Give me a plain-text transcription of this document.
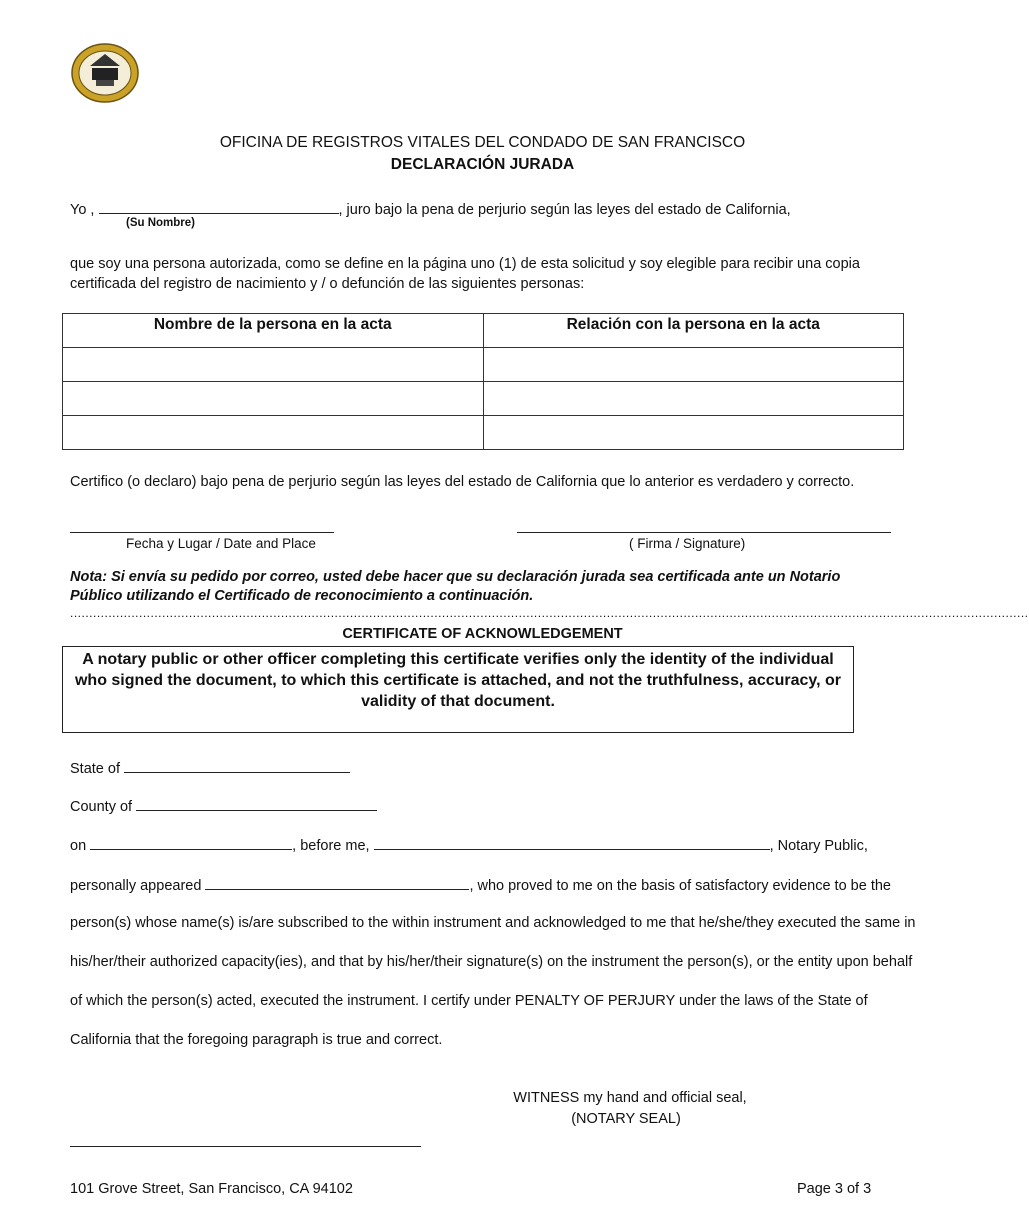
OFICINA DE REGISTROS VITALES DEL CONDADO DE SAN FRANCISCO
DECLARACIÓN JURADA
Yo ,	, juro bajo la pena de perjurio según las leyes del estado de California,
(Su Nombre)
que soy una persona autorizada, como se define en la página uno (1) de esta solicitud y soy elegible para recibir una copia certificada del registro de nacimiento y / o defunción de las siguientes personas:
Nombre de la persona en la acta	Relación con la persona en la acta

Certifico (o declaro) bajo pena de perjurio según las leyes del estado de California que lo anterior es verdadero y correcto.
Fecha y Lugar / Date and Place	( Firma / Signature)
Nota: Si envía su pedido por correo, usted debe hacer que su declaración jurada sea certificada ante un Notario Público utilizando el Certificado de reconocimiento a continuación.
..........................................................................................................................................................................................................................................................
CERTIFICATE OF ACKNOWLEDGEMENT

A notary public or other officer completing this certificate verifies only the identity of the individual who signed the document, to which this certificate is attached, and not the truthfulness, accuracy, or validity of that document.

State of
County of
on	, before me,	, Notary Public,
personally appeared	, who proved to me on the basis of satisfactory evidence to be the
person(s) whose name(s) is/are subscribed to the within instrument and acknowledged to me that he/she/they executed the same in
his/her/their authorized capacity(ies), and that by his/her/their signature(s) on the instrument the person(s), or the entity upon behalf
of which the person(s) acted, executed the instrument. I certify under PENALTY OF PERJURY under the laws of the State of
California that the foregoing paragraph is true and correct.
WITNESS my hand and official seal,
(NOTARY SEAL)
101 Grove Street, San Francisco, CA 94102	Page 3 of 3
